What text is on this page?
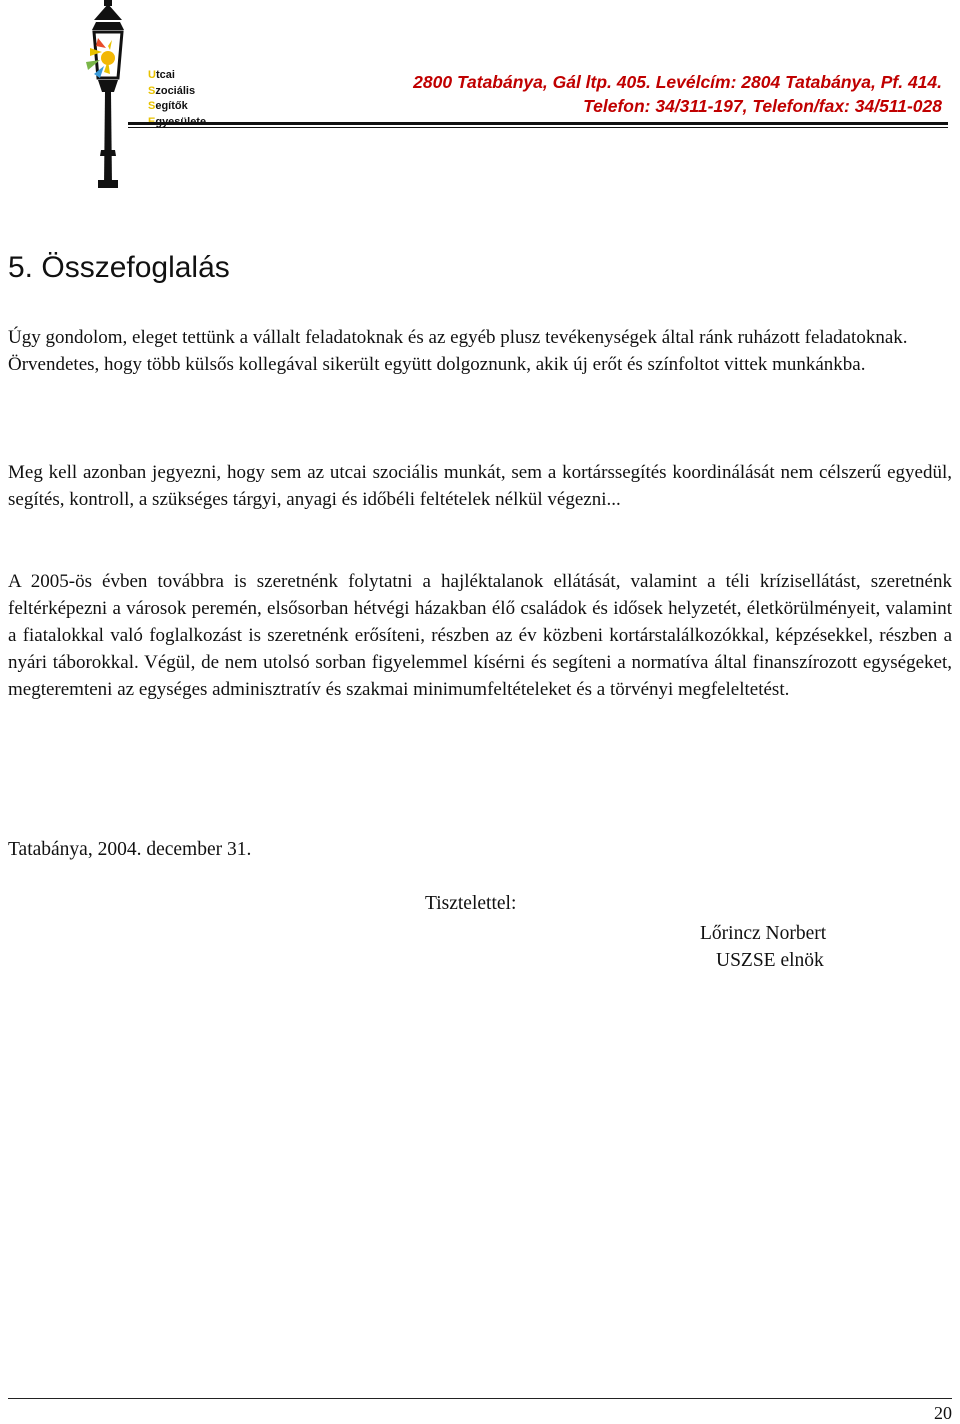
Utcai
Szociális
Segítők
2800 Tatabánya, Gál ltp. 405. Levélcím: 2804 Tatabánya, Pf. 414.
Telefon: 34/311-197, Telefon/fax: 34/511-028
5. Összefoglalás

Úgy gondolom, eleget tettünk a vállalt feladatoknak és az egyéb plusz tevékenységek által ránk ruházott feladatoknak.

Örvendetes, hogy több külsős kollegával sikerült együtt dolgoznunk, akik új erőt és színfoltot vittek munkánkba.

Meg kell azonban jegyezni, hogy sem az utcai szociális munkát, sem a kortárssegítés koordinálását nem célszerű egyedül, segítés, kontroll, a szükséges tárgyi, anyagi és időbéli feltételek nélkül végezni...

A 2005-ös évben továbbra is szeretnénk folytatni a hajléktalanok ellátását, valamint a téli krízisellátást, szeretnénk feltérképezni a városok peremén, elsősorban hétvégi házakban élő családok és idősek helyzetét, életkörülményeit, valamint a fiatalokkal való foglalkozást is szeretnénk erősíteni, részben az év közbeni kortárstalálkozókkal, képzésekkel, részben a nyári táborokkal. Végül, de nem utolsó sorban figyelemmel kísérni és segíteni a normatíva által finanszírozott egységeket, megteremteni az egységes adminisztratív és szakmai minimumfeltételeket és a törvényi megfeleltetést.

Tatabánya, 2004. december 31.
Tisztelettel:
Lőrincz Norbert
USZSE elnök
20
